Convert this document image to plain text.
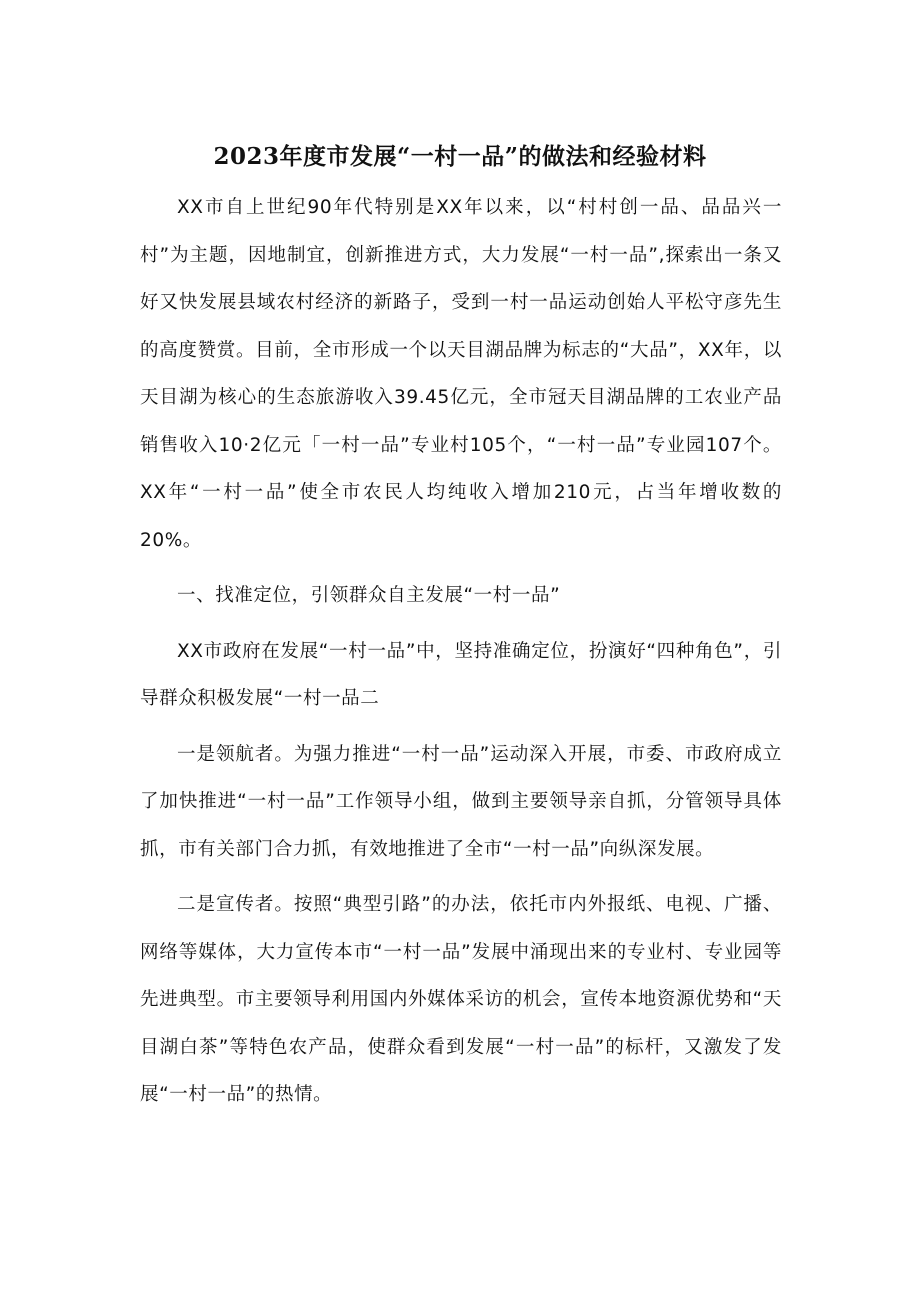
2023年度市发展“一村一品”的做法和经验材料

XX市自上世纪90年代特别是XX年以来，以“村村创一品、品品兴一村”为主题，因地制宜，创新推进方式，大力发展“一村一品”,探索出一条又好又快发展县域农村经济的新路子，受到一村一品运动创始人平松守彦先生的高度赞赏。目前，全市形成一个以天目湖品牌为标志的“大品”，XX年，以天目湖为核心的生态旅游收入39.45亿元，全市冠天目湖品牌的工农业产品销售收入10·2亿元「一村一品”专业村105个，“一村一品”专业园107个。XX年“一村一品”使全市农民人均纯收入增加210元，占当年增收数的20%。

一、找准定位，引领群众自主发展“一村一品”

XX市政府在发展“一村一品”中，坚持准确定位，扮演好“四种角色”，引导群众积极发展“一村一品二

一是领航者。为强力推进“一村一品”运动深入开展，市委、市政府成立了加快推进“一村一品”工作领导小组，做到主要领导亲自抓，分管领导具体抓，市有关部门合力抓，有效地推进了全市“一村一品”向纵深发展。

二是宣传者。按照“典型引路”的办法，依托市内外报纸、电视、广播、网络等媒体，大力宣传本市“一村一品”发展中涌现出来的专业村、专业园等先进典型。市主要领导利用国内外媒体采访的机会，宣传本地资源优势和“天目湖白茶”等特色农产品，使群众看到发展“一村一品”的标杆，又激发了发展“一村一品”的热情。
